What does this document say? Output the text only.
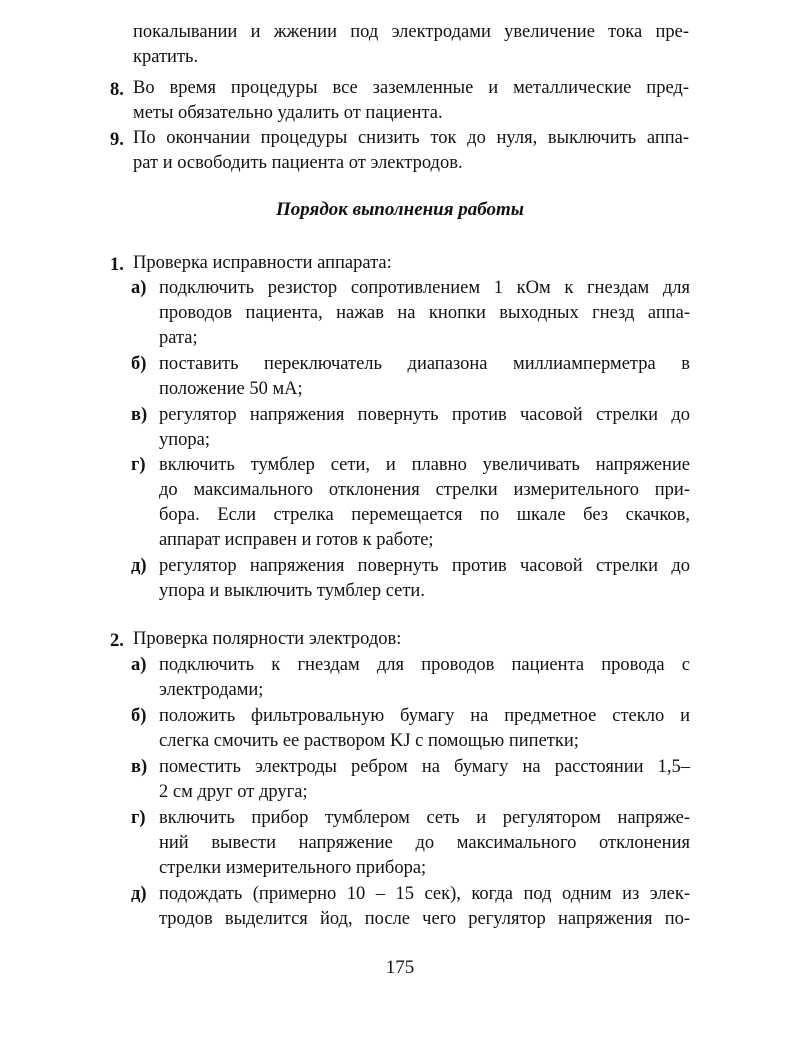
покалывании и жжении под электродами увеличение тока пре-
кратить.
8. Во время процедуры все заземленные и металлические пред-
меты обязательно удалить от пациента.
9. По окончании процедуры снизить ток до нуля, выключить аппа-
рат и освободить пациента от электродов.
Порядок выполнения работы
1. Проверка исправности аппарата:
а) подключить резистор сопротивлением 1 кОм к гнездам для
проводов пациента, нажав на кнопки выходных гнезд аппа-
рата;
б) поставить переключатель диапазона миллиамперметра в
положение 50 мА;
в) регулятор напряжения повернуть против часовой стрелки до
упора;
г) включить тумблер сети, и плавно увеличивать напряжение
до максимального отклонения стрелки измерительного при-
бора. Если стрелка перемещается по шкале без скачков,
аппарат исправен и готов к работе;
д) регулятор напряжения повернуть против часовой стрелки до
упора и выключить тумблер сети.
2. Проверка полярности электродов:
а) подключить к гнездам для проводов пациента провода с
электродами;
б) положить фильтровальную бумагу на предметное стекло и
слегка смочить ее раствором KJ с помощью пипетки;
в) поместить электроды ребром на бумагу на расстоянии 1,5–
2 см друг от друга;
г) включить прибор тумблером сеть и регулятором напряже-
ний вывести напряжение до максимального отклонения
стрелки измерительного прибора;
д) подождать (примерно 10 – 15 сек), когда под одним из элек-
тродов выделится йод, после чего регулятор напряжения по-
175
